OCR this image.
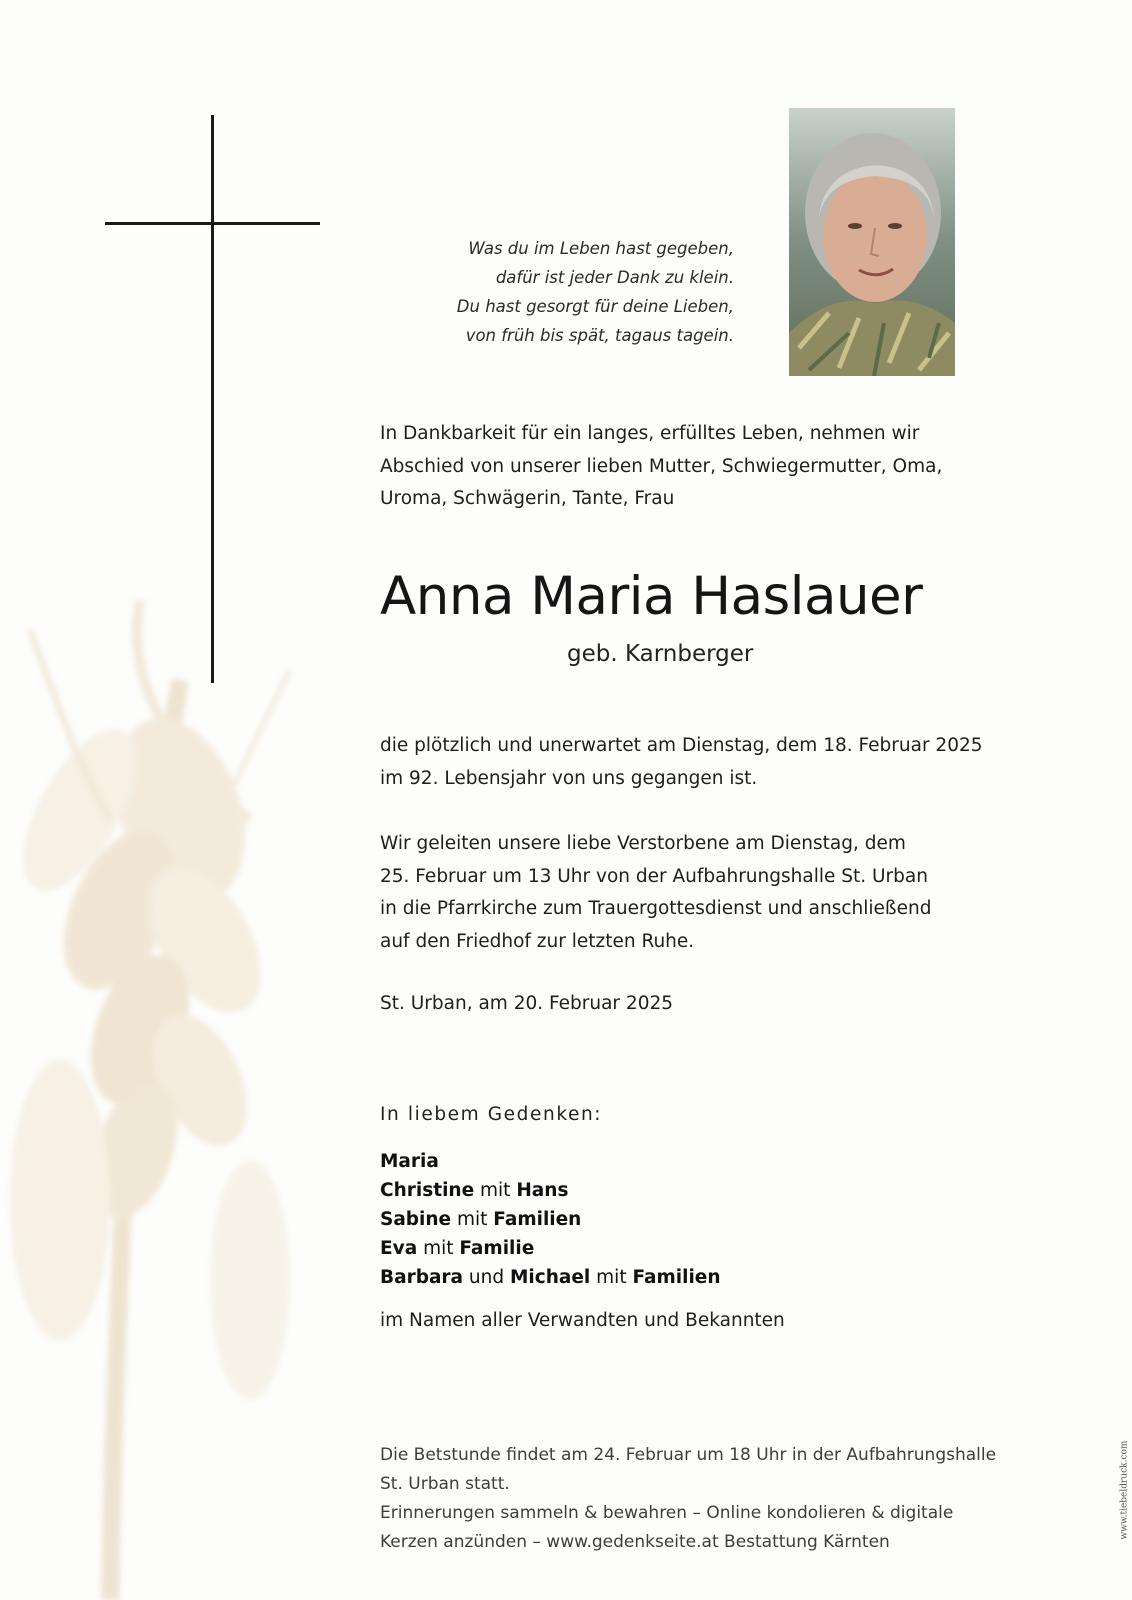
Was du im Leben hast gegeben,
dafür ist jeder Dank zu klein.
Du hast gesorgt für deine Lieben,
von früh bis spät, tagaus tagein.
In Dankbarkeit für ein langes, erfülltes Leben, nehmen wir
Abschied von unserer lieben Mutter, Schwiegermutter, Oma,
Uroma, Schwägerin, Tante, Frau
Anna Maria Haslauer
geb. Karnberger
die plötzlich und unerwartet am Dienstag, dem 18. Februar 2025
im 92. Lebensjahr von uns gegangen ist.
Wir geleiten unsere liebe Verstorbene am Dienstag, dem
25. Februar um 13 Uhr von der Aufbahrungshalle St. Urban
in die Pfarrkirche zum Trauergottesdienst und anschließend
auf den Friedhof zur letzten Ruhe.
St. Urban, am 20. Februar 2025
In liebem Gedenken:
Maria
Christine mit Hans
Sabine mit Familien
Eva mit Familie
Barbara und Michael mit Familien
im Namen aller Verwandten und Bekannten
Die Betstunde findet am 24. Februar um 18 Uhr in der Aufbahrungshalle
St. Urban statt.
Erinnerungen sammeln & bewahren – Online kondolieren & digitale
Kerzen anzünden – www.gedenkseite.at Bestattung Kärnten
www.tiebeldruck.com
